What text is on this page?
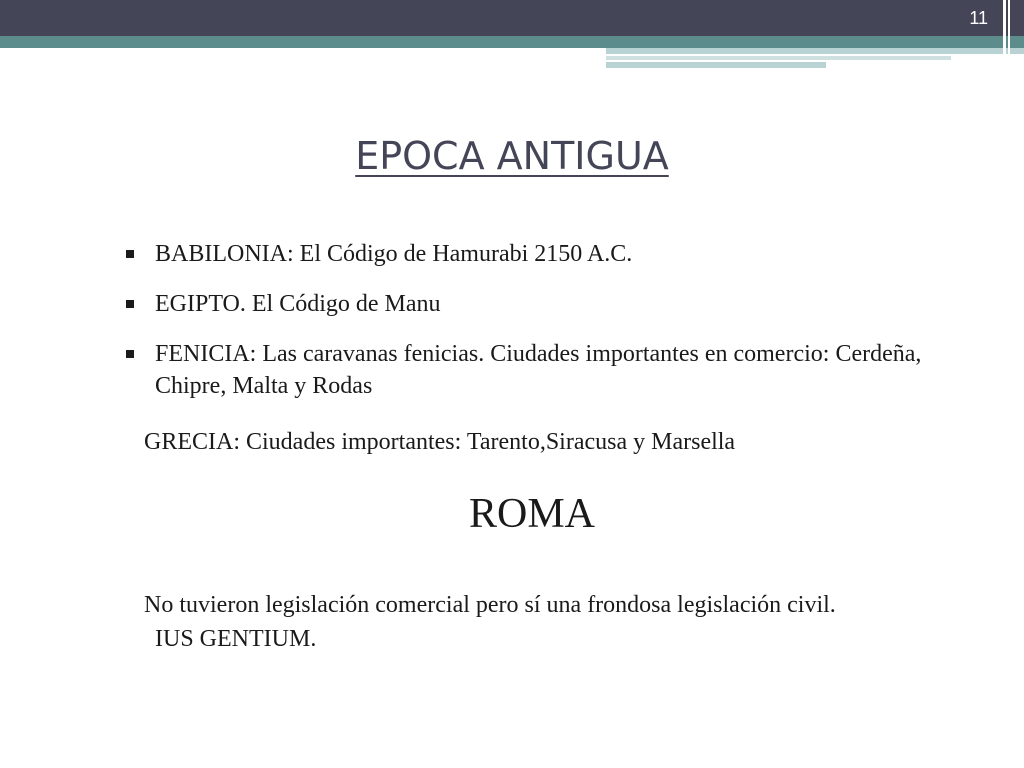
11
EPOCA ANTIGUA
BABILONIA: El Código de Hamurabi 2150 A.C.
EGIPTO. El Código de Manu
FENICIA: Las caravanas fenicias. Ciudades importantes en comercio: Cerdeña, Chipre, Malta y Rodas
GRECIA: Ciudades importantes: Tarento,Siracusa y Marsella
ROMA
No tuvieron legislación comercial pero sí una frondosa legislación civil.
IUS GENTIUM.
